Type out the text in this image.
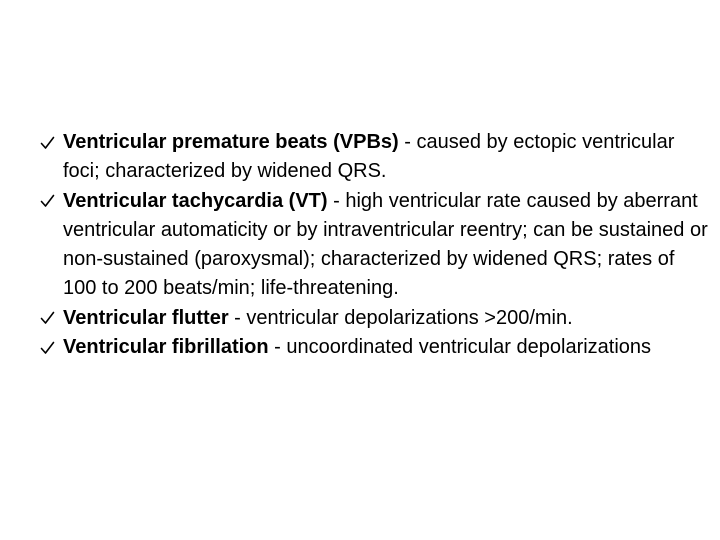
Ventricular premature beats (VPBs) - caused by ectopic ventricular foci; characterized by widened QRS.
Ventricular tachycardia (VT) - high ventricular rate caused by aberrant ventricular automaticity or by intraventricular reentry; can be sustained or non-sustained (paroxysmal); characterized by widened QRS; rates of 100 to 200 beats/min; life-threatening.
Ventricular flutter - ventricular depolarizations >200/min.
Ventricular fibrillation - uncoordinated ventricular depolarizations
